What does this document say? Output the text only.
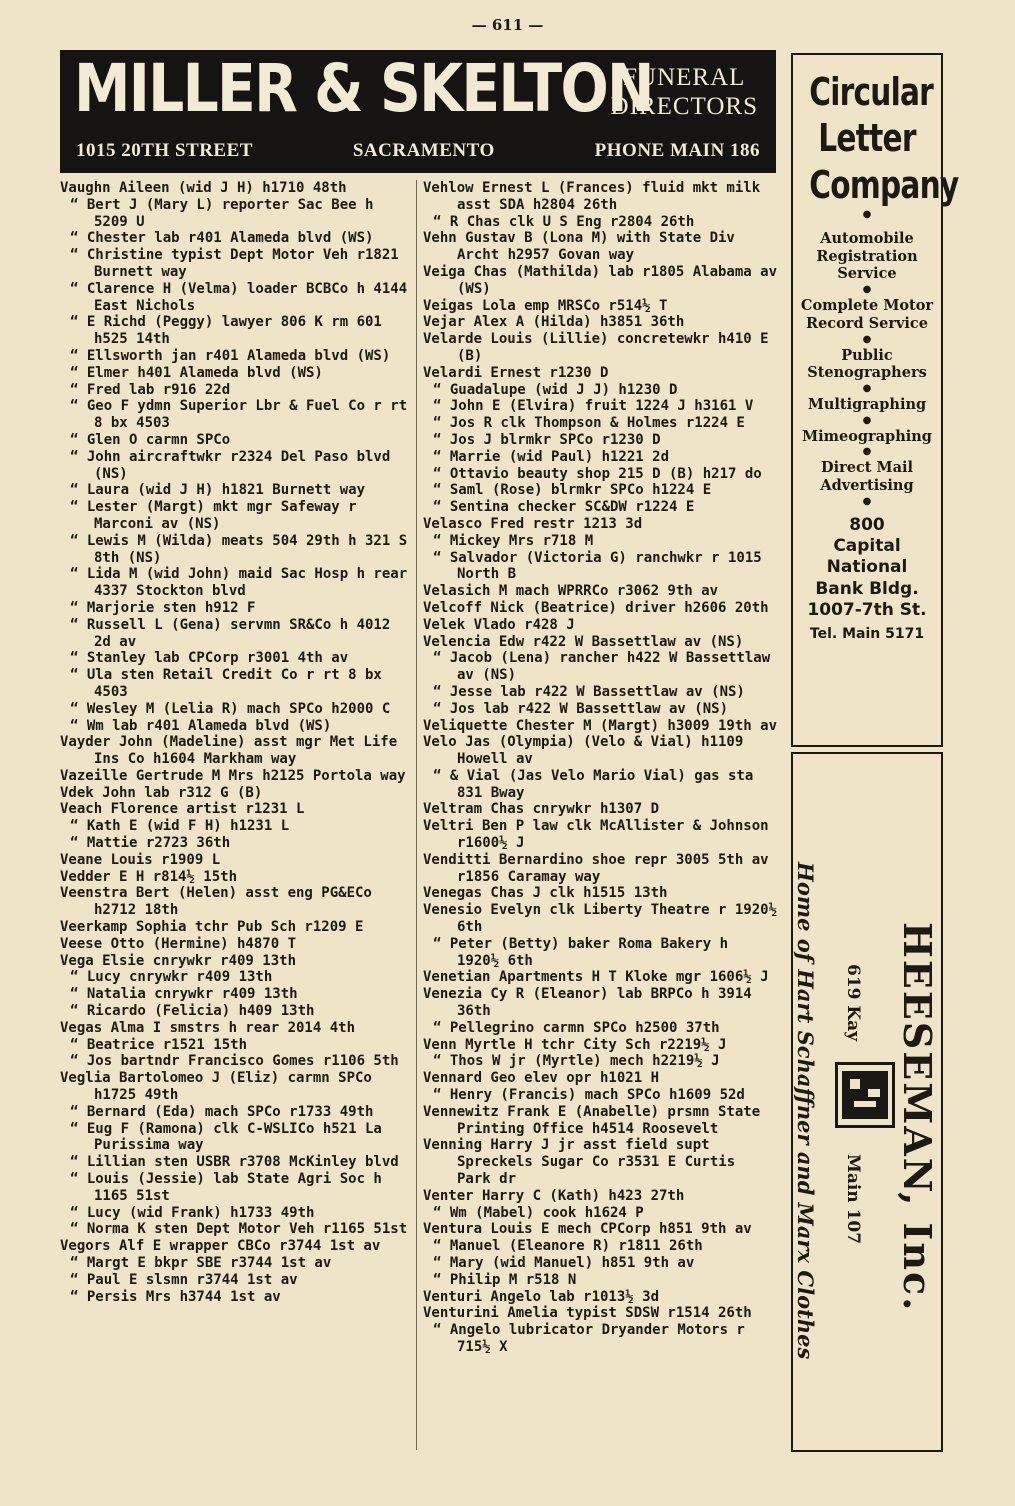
— 611 —
MILLER & SKELTON
FUNERAL
DIRECTORS
1015 20TH STREET	SACRAMENTO	PHONE MAIN 186
Vaughn Aileen (wid J H) h1710 48th
“ Bert J (Mary L) reporter Sac Bee h 5209 U
“ Chester lab r401 Alameda blvd (WS)
“ Christine typist Dept Motor Veh r1821 Burnett way
“ Clarence H (Velma) loader BCBCo h 4144 East Nichols
“ E Richd (Peggy) lawyer 806 K rm 601 h525 14th
“ Ellsworth jan r401 Alameda blvd (WS)
“ Elmer h401 Alameda blvd (WS)
“ Fred lab r916 22d
“ Geo F ydmn Superior Lbr & Fuel Co r rt 8 bx 4503
“ Glen O carmn SPCo
“ John aircraftwkr r2324 Del Paso blvd (NS)
“ Laura (wid J H) h1821 Burnett way
“ Lester (Margt) mkt mgr Safeway r Marconi av (NS)
“ Lewis M (Wilda) meats 504 29th h 321 S 8th (NS)
“ Lida M (wid John) maid Sac Hosp h rear 4337 Stockton blvd
“ Marjorie sten h912 F
“ Russell L (Gena) servmn SR&Co h 4012 2d av
“ Stanley lab CPCorp r3001 4th av
“ Ula sten Retail Credit Co r rt 8 bx 4503
“ Wesley M (Lelia R) mach SPCo h2000 C
“ Wm lab r401 Alameda blvd (WS)
Vayder John (Madeline) asst mgr Met Life Ins Co h1604 Markham way
Vazeille Gertrude M Mrs h2125 Portola way
Vdek John lab r312 G (B)
Veach Florence artist r1231 L
“ Kath E (wid F H) h1231 L
“ Mattie r2723 36th
Veane Louis r1909 L
Vedder E H r814½ 15th
Veenstra Bert (Helen) asst eng PG&ECo h2712 18th
Veerkamp Sophia tchr Pub Sch r1209 E
Veese Otto (Hermine) h4870 T
Vega Elsie cnrywkr r409 13th
“ Lucy cnrywkr r409 13th
“ Natalia cnrywkr r409 13th
“ Ricardo (Felicia) h409 13th
Vegas Alma I smstrs h rear 2014 4th
“ Beatrice r1521 15th
“ Jos bartndr Francisco Gomes r1106 5th
Veglia Bartolomeo J (Eliz) carmn SPCo h1725 49th
“ Bernard (Eda) mach SPCo r1733 49th
“ Eug F (Ramona) clk C-WSLICo h521 La Purissima way
“ Lillian sten USBR r3708 McKinley blvd
“ Louis (Jessie) lab State Agri Soc h 1165 51st
“ Lucy (wid Frank) h1733 49th
“ Norma K sten Dept Motor Veh r1165 51st
Vegors Alf E wrapper CBCo r3744 1st av
“ Margt E bkpr SBE r3744 1st av
“ Paul E slsmn r3744 1st av
“ Persis Mrs h3744 1st av
Vehlow Ernest L (Frances) fluid mkt milk asst SDA h2804 26th
“ R Chas clk U S Eng r2804 26th
Vehn Gustav B (Lona M) with State Div Archt h2957 Govan way
Veiga Chas (Mathilda) lab r1805 Alabama av (WS)
Veigas Lola emp MRSCo r514½ T
Vejar Alex A (Hilda) h3851 36th
Velarde Louis (Lillie) concretewkr h410 E (B)
Velardi Ernest r1230 D
“ Guadalupe (wid J J) h1230 D
“ John E (Elvira) fruit 1224 J h3161 V
“ Jos R clk Thompson & Holmes r1224 E
“ Jos J blrmkr SPCo r1230 D
“ Marrie (wid Paul) h1221 2d
“ Ottavio beauty shop 215 D (B) h217 do
“ Saml (Rose) blrmkr SPCo h1224 E
“ Sentina checker SC&DW r1224 E
Velasco Fred restr 1213 3d
“ Mickey Mrs r718 M
“ Salvador (Victoria G) ranchwkr r 1015 North B
Velasich M mach WPRRCo r3062 9th av
Velcoff Nick (Beatrice) driver h2606 20th
Velek Vlado r428 J
Velencia Edw r422 W Bassettlaw av (NS)
“ Jacob (Lena) rancher h422 W Bassettlaw av (NS)
“ Jesse lab r422 W Bassettlaw av (NS)
“ Jos lab r422 W Bassettlaw av (NS)
Veliquette Chester M (Margt) h3009 19th av
Velo Jas (Olympia) (Velo & Vial) h1109 Howell av
“ & Vial (Jas Velo Mario Vial) gas sta 831 Bway
Veltram Chas cnrywkr h1307 D
Veltri Ben P law clk McAllister & Johnson r1600½ J
Venditti Bernardino shoe repr 3005 5th av r1856 Caramay way
Venegas Chas J clk h1515 13th
Venesio Evelyn clk Liberty Theatre r 1920½ 6th
“ Peter (Betty) baker Roma Bakery h 1920½ 6th
Venetian Apartments H T Kloke mgr 1606½ J
Venezia Cy R (Eleanor) lab BRPCo h 3914 36th
“ Pellegrino carmn SPCo h2500 37th
Venn Myrtle H tchr City Sch r2219½ J
“ Thos W jr (Myrtle) mech h2219½ J
Vennard Geo elev opr h1021 H
“ Henry (Francis) mach SPCo h1609 52d
Vennewitz Frank E (Anabelle) prsmn State Printing Office h4514 Roosevelt
Venning Harry J jr asst field supt Spreckels Sugar Co r3531 E Curtis Park dr
Venter Harry C (Kath) h423 27th
“ Wm (Mabel) cook h1624 P
Ventura Louis E mech CPCorp h851 9th av
“ Manuel (Eleanore R) r1811 26th
“ Mary (wid Manuel) h851 9th av
“ Philip M r518 N
Venturi Angelo lab r1013½ 3d
Venturini Amelia typist SDSW r1514 26th
“ Angelo lubricator Dryander Motors r 715½ X
Circular
Letter
Company
●
Automobile Registration Service
●
Complete Motor Record Service
●
Public Stenographers
●
Multigraphing
●
Mimeographing
●
Direct Mail Advertising
●
800
Capital
National
Bank Bldg.
1007-7th St.
Tel. Main 5171
Home of Hart Schaffner and Marx Clothes 619 Kay
Main 107 HEESEMAN, Inc.
